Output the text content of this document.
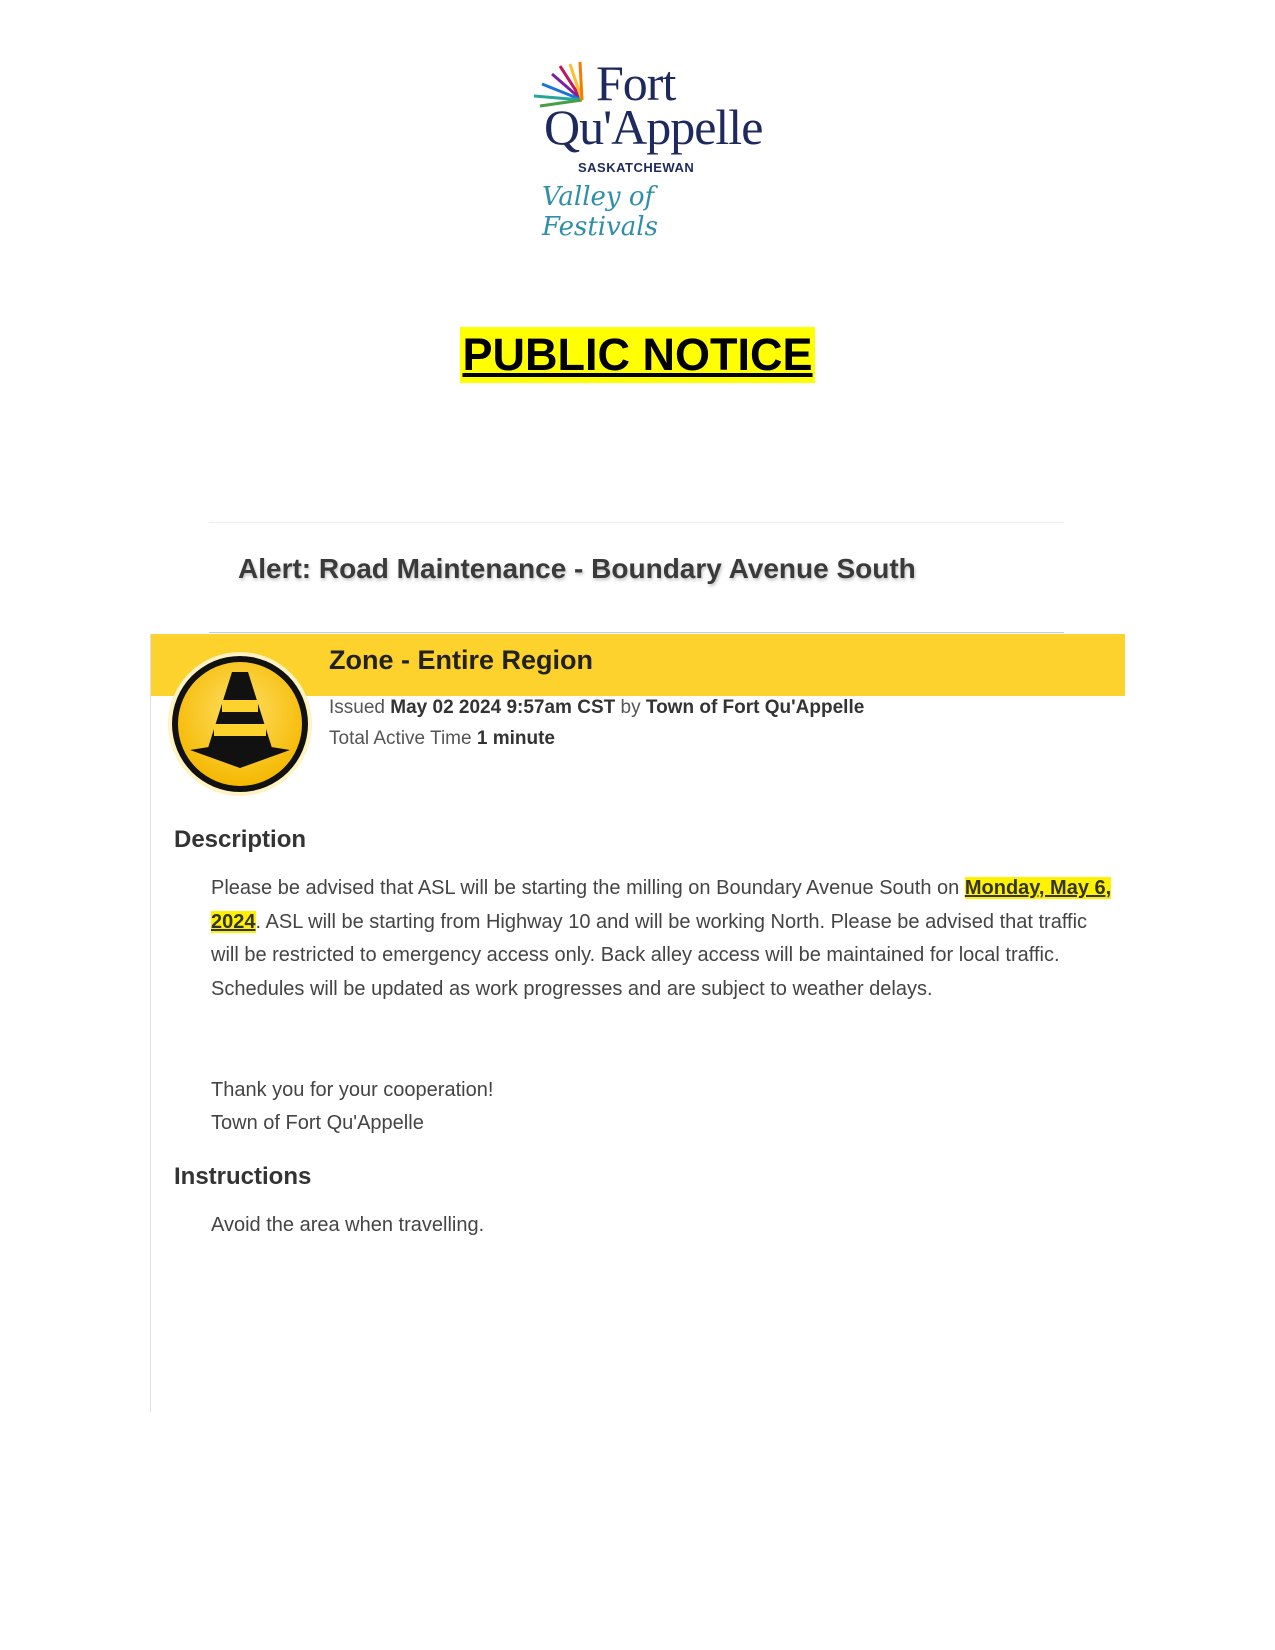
Fort
Qu'Appelle
SASKATCHEWAN
Valley of Festivals
PUBLIC NOTICE
Alert: Road Maintenance - Boundary Avenue South
Zone - Entire Region
Issued May 02 2024 9:57am CST by Town of Fort Qu'Appelle
Total Active Time 1 minute
Description
Please be advised that ASL will be starting the milling on Boundary Avenue South on Monday, May 6, 2024. ASL will be starting from Highway 10 and will be working North. Please be advised that traffic will be restricted to emergency access only. Back alley access will be maintained for local traffic. Schedules will be updated as work progresses and are subject to weather delays.
Thank you for your cooperation!
Town of Fort Qu'Appelle
Instructions
Avoid the area when travelling.
